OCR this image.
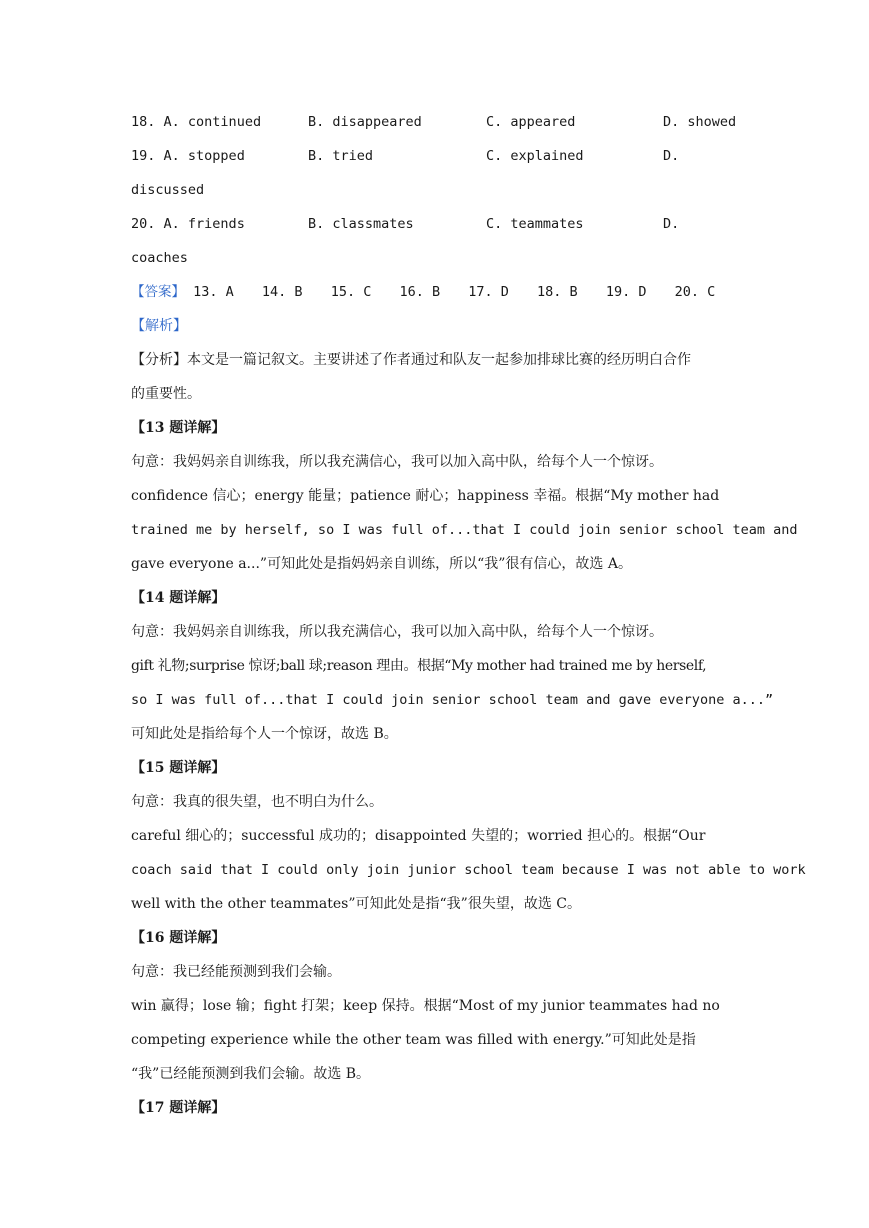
18. A. continued	B. disappeared	C. appeared	D. showed
19. A. stopped	B. tried	C. explained	D.
discussed
20. A. friends	B. classmates	C. teammates	D.
coaches
【答案】 13. A 14. B 15. C 16. B 17. D 18. B 19. D 20. C
【解析】
【分析】本文是一篇记叙文。主要讲述了作者通过和队友一起参加排球比赛的经历明白合作
的重要性。
【13 题详解】
句意：我妈妈亲自训练我，所以我充满信心，我可以加入高中队，给每个人一个惊讶。
confidence 信心；energy 能量；patience 耐心；happiness 幸福。根据“My mother had
trained me by herself, so I was full of...that I could join senior school team and
gave everyone a...”可知此处是指妈妈亲自训练，所以“我”很有信心，故选 A。
【14 题详解】
句意：我妈妈亲自训练我，所以我充满信心，我可以加入高中队，给每个人一个惊讶。
gift 礼物;surprise 惊讶;ball 球;reason 理由。根据“My mother had trained me by herself,
so I was full of...that I could join senior school team and gave everyone a...”
可知此处是指给每个人一个惊讶，故选 B。
【15 题详解】
句意：我真的很失望，也不明白为什么。
careful 细心的；successful 成功的；disappointed 失望的；worried 担心的。根据“Our
coach said that I could only join junior school team because I was not able to work
well with the other teammates”可知此处是指“我”很失望，故选 C。
【16 题详解】
句意：我已经能预测到我们会输。
win 赢得；lose 输；fight 打架；keep 保持。根据“Most of my junior teammates had no
competing experience while the other team was filled with energy.”可知此处是指
“我”已经能预测到我们会输。故选 B。
【17 题详解】
